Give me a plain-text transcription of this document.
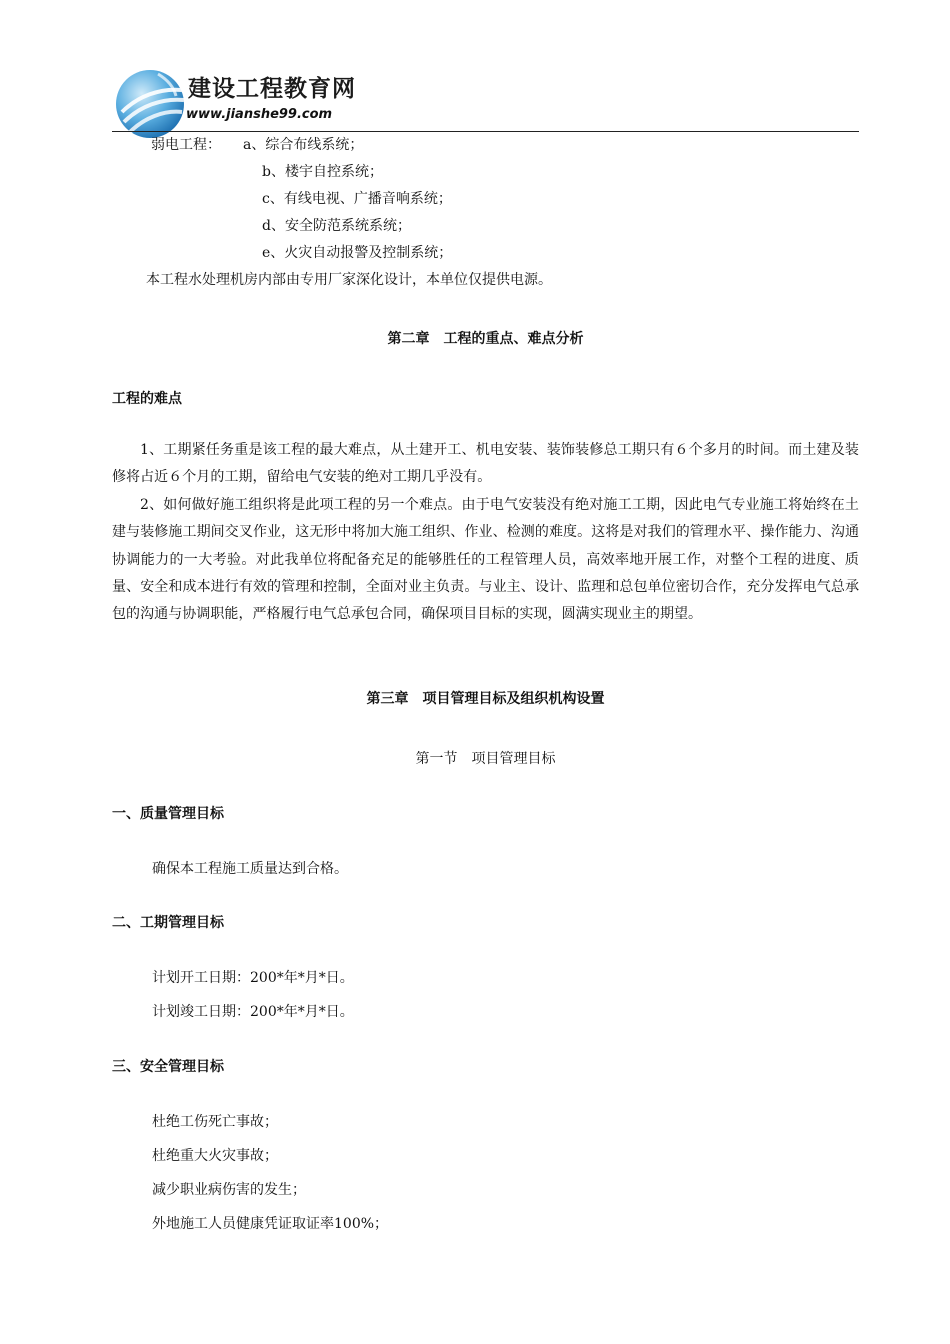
建设工程教育网
www.jianshe99.com
弱电工程： a、综合布线系统；
b、楼宇自控系统；
c、有线电视、广播音响系统；
d、安全防范系统系统；
e、火灾自动报警及控制系统；
本工程水处理机房内部由专用厂家深化设计，本单位仅提供电源。
第二章　工程的重点、难点分析
工程的难点
1、工期紧任务重是该工程的最大难点，从土建开工、机电安装、装饰装修总工期只有６个多月的时间。而土建及装修将占近６个月的工期，留给电气安装的绝对工期几乎没有。
2、如何做好施工组织将是此项工程的另一个难点。由于电气安装没有绝对施工工期，因此电气专业施工将始终在土建与装修施工期间交叉作业，这无形中将加大施工组织、作业、检测的难度。这将是对我们的管理水平、操作能力、沟通协调能力的一大考验。对此我单位将配备充足的能够胜任的工程管理人员，高效率地开展工作，对整个工程的进度、质量、安全和成本进行有效的管理和控制，全面对业主负责。与业主、设计、监理和总包单位密切合作，充分发挥电气总承包的沟通与协调职能，严格履行电气总承包合同，确保项目目标的实现，圆满实现业主的期望。
第三章　项目管理目标及组织机构设置
第一节　项目管理目标
一、质量管理目标
确保本工程施工质量达到合格。
二、工期管理目标
计划开工日期：200*年*月*日。
计划竣工日期：200*年*月*日。
三、安全管理目标
杜绝工伤死亡事故；
杜绝重大火灾事故；
减少职业病伤害的发生；
外地施工人员健康凭证取证率100%；
